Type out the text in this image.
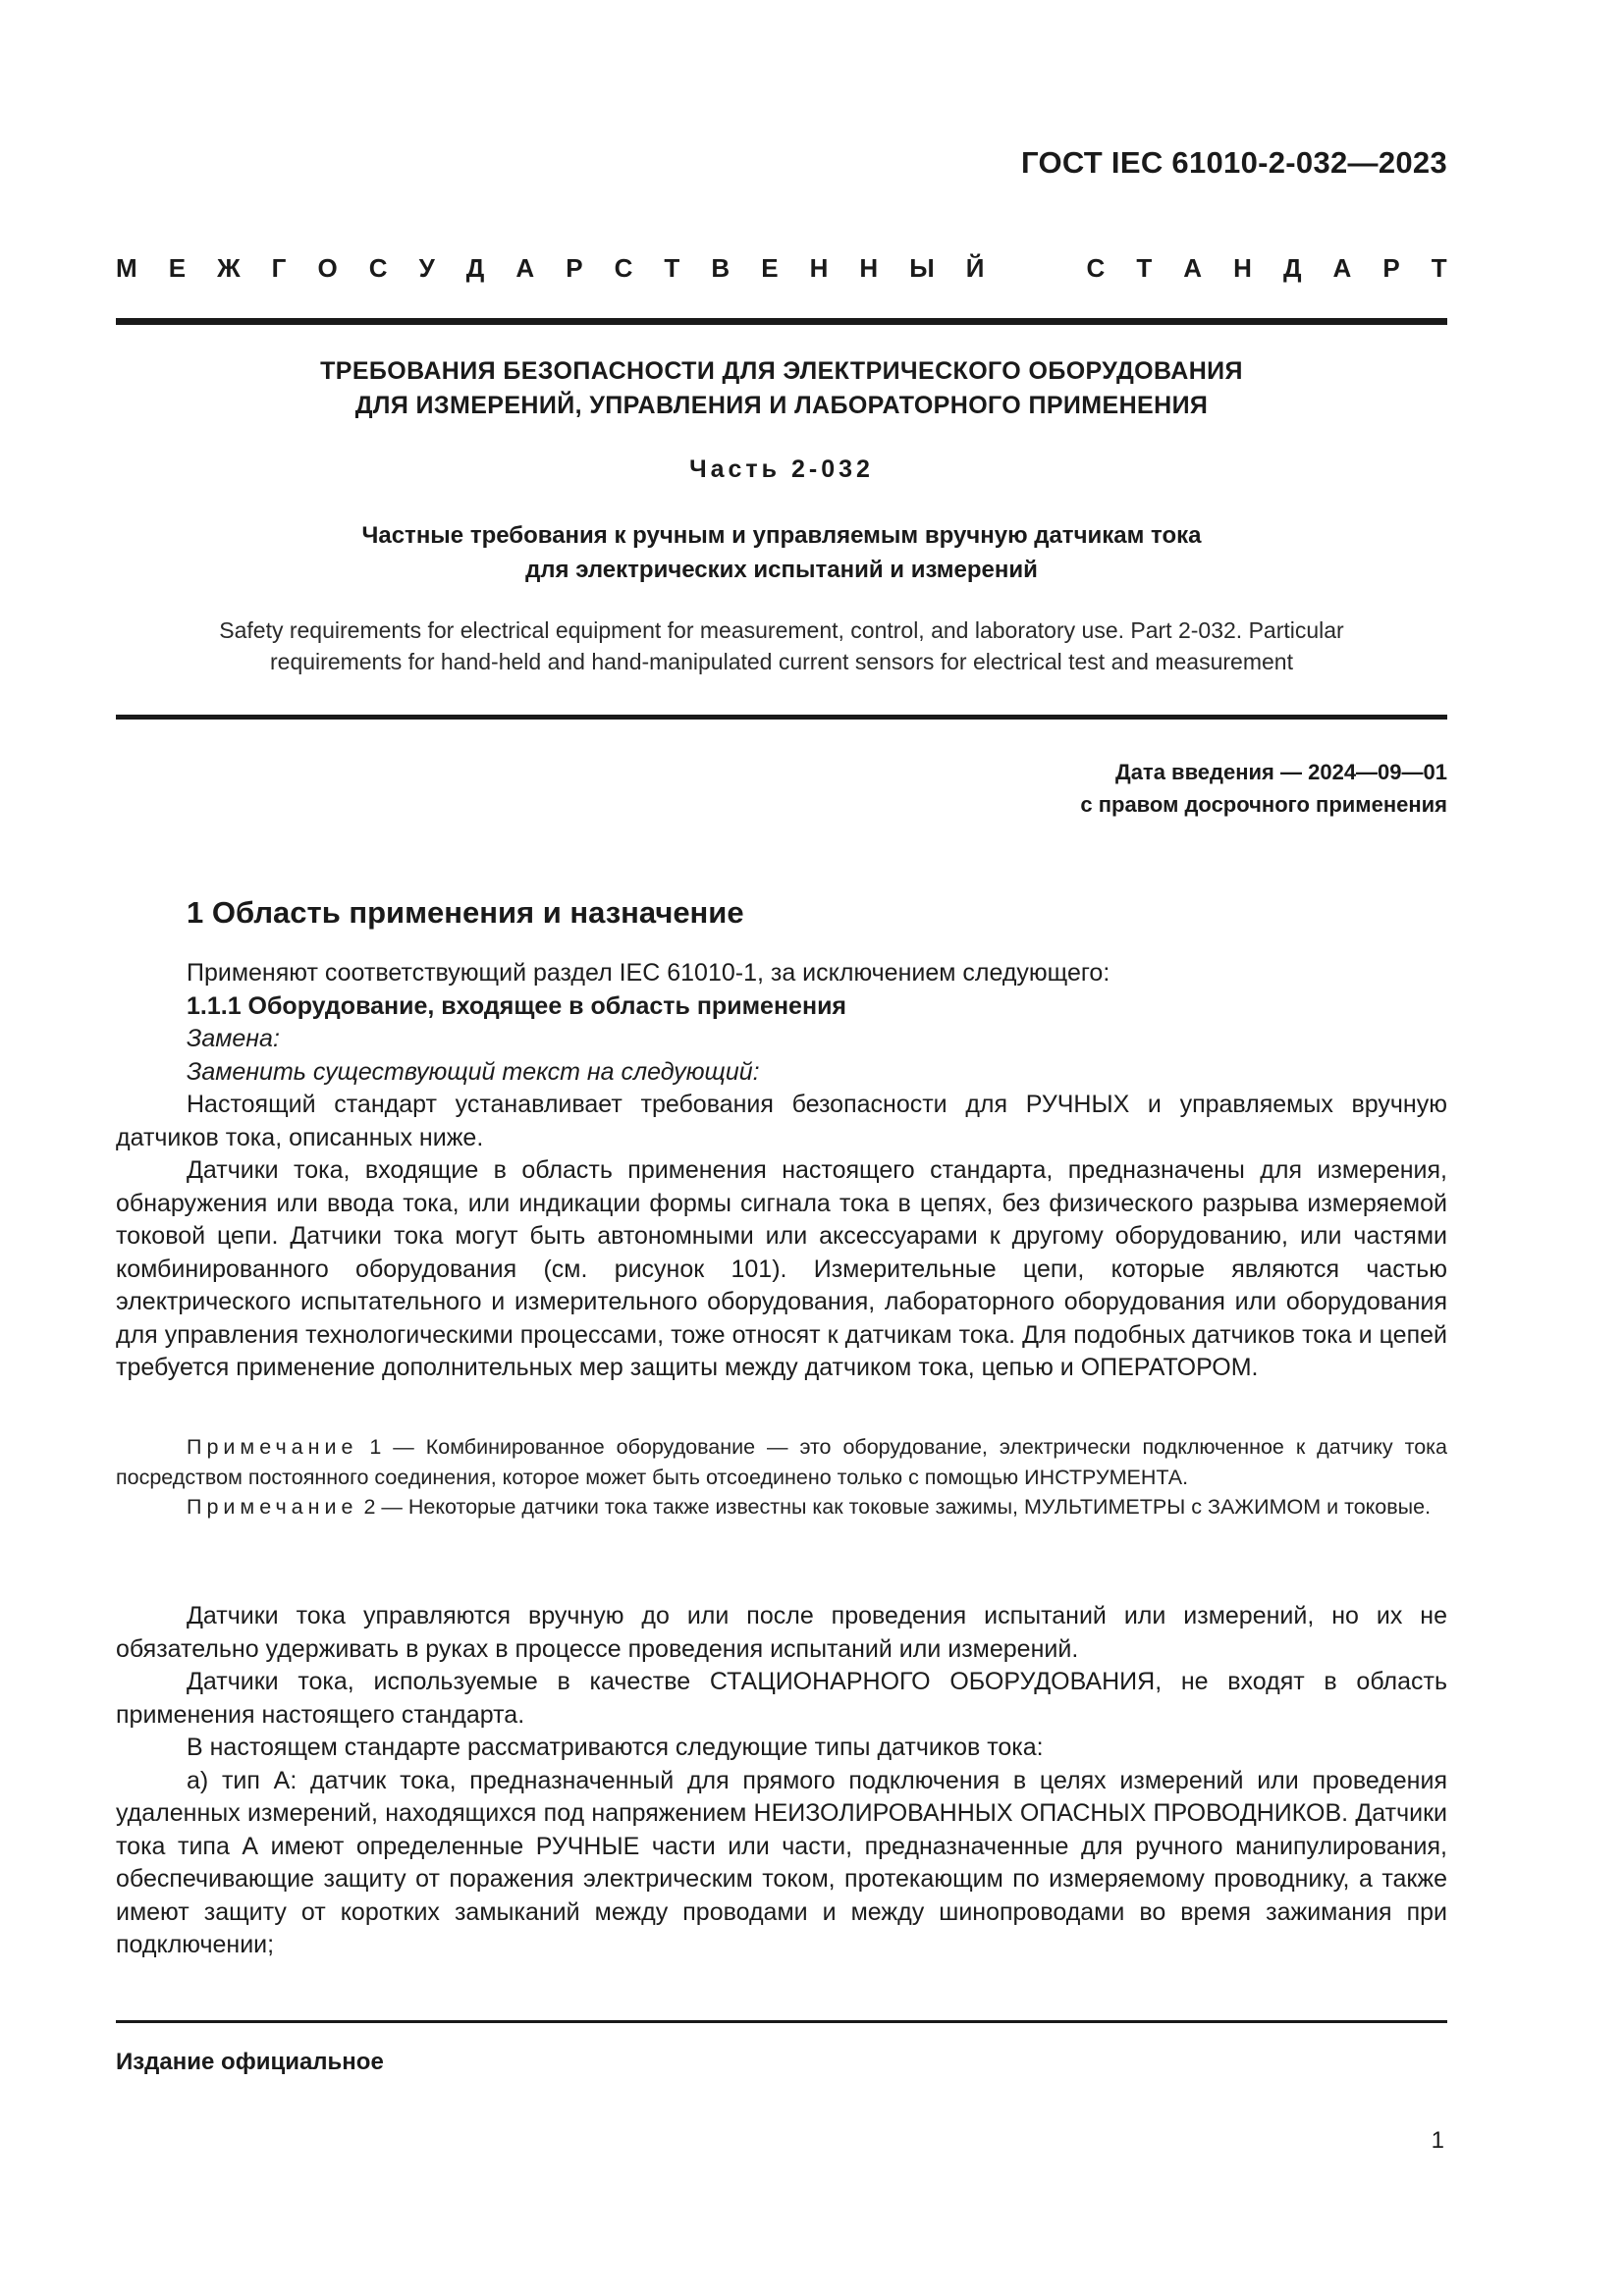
ГОСТ IEC 61010-2-032—2023
М Е Ж Г О С У Д А Р С Т В Е Н Н Ы Й	С Т А Н Д А Р Т
ТРЕБОВАНИЯ БЕЗОПАСНОСТИ ДЛЯ ЭЛЕКТРИЧЕСКОГО ОБОРУДОВАНИЯ
ДЛЯ ИЗМЕРЕНИЙ, УПРАВЛЕНИЯ И ЛАБОРАТОРНОГО ПРИМЕНЕНИЯ
Часть 2-032
Частные требования к ручным и управляемым вручную датчикам тока
для электрических испытаний и измерений
Safety requirements for electrical equipment for measurement, control, and laboratory use. Part 2-032. Particular
requirements for hand-held and hand-manipulated current sensors for electrical test and measurement
Дата введения — 2024—09—01
с правом досрочного применения
1 Область применения и назначение

Применяют соответствующий раздел IEC 61010-1, за исключением следующего:

1.1.1 Оборудование, входящее в область применения

Замена:

Заменить существующий текст на следующий:

Настоящий стандарт устанавливает требования безопасности для РУЧНЫХ и управляемых вручную датчиков тока, описанных ниже.

Датчики тока, входящие в область применения настоящего стандарта, предназначены для измерения, обнаружения или ввода тока, или индикации формы сигнала тока в цепях, без физического разрыва измеряемой токовой цепи. Датчики тока могут быть автономными или аксессуарами к другому оборудованию, или частями комбинированного оборудования (см. рисунок 101). Измерительные цепи, которые являются частью электрического испытательного и измерительного оборудования, лабораторного оборудования или оборудования для управления технологическими процессами, тоже относят к датчикам тока. Для подобных датчиков тока и цепей требуется применение дополнительных мер защиты между датчиком тока, цепью и ОПЕРАТОРОМ.

Примечание 1 — Комбинированное оборудование — это оборудование, электрически подключенное к датчику тока посредством постоянного соединения, которое может быть отсоединено только с помощью ИНСТРУМЕНТА.

Примечание 2 — Некоторые датчики тока также известны как токовые зажимы, МУЛЬТИМЕТРЫ с ЗАЖИМОМ и токовые.

Датчики тока управляются вручную до или после проведения испытаний или измерений, но их не обязательно удерживать в руках в процессе проведения испытаний или измерений.

Датчики тока, используемые в качестве СТАЦИОНАРНОГО ОБОРУДОВАНИЯ, не входят в область применения настоящего стандарта.

В настоящем стандарте рассматриваются следующие типы датчиков тока:

а) тип А: датчик тока, предназначенный для прямого подключения в целях измерений или проведения удаленных измерений, находящихся под напряжением НЕИЗОЛИРОВАННЫХ ОПАСНЫХ ПРОВОДНИКОВ. Датчики тока типа А имеют определенные РУЧНЫЕ части или части, предназначенные для ручного манипулирования, обеспечивающие защиту от поражения электрическим током, протекающим по измеряемому проводнику, а также имеют защиту от коротких замыканий между проводами и между шинопроводами во время зажимания при подключении;

Издание официальное
1
